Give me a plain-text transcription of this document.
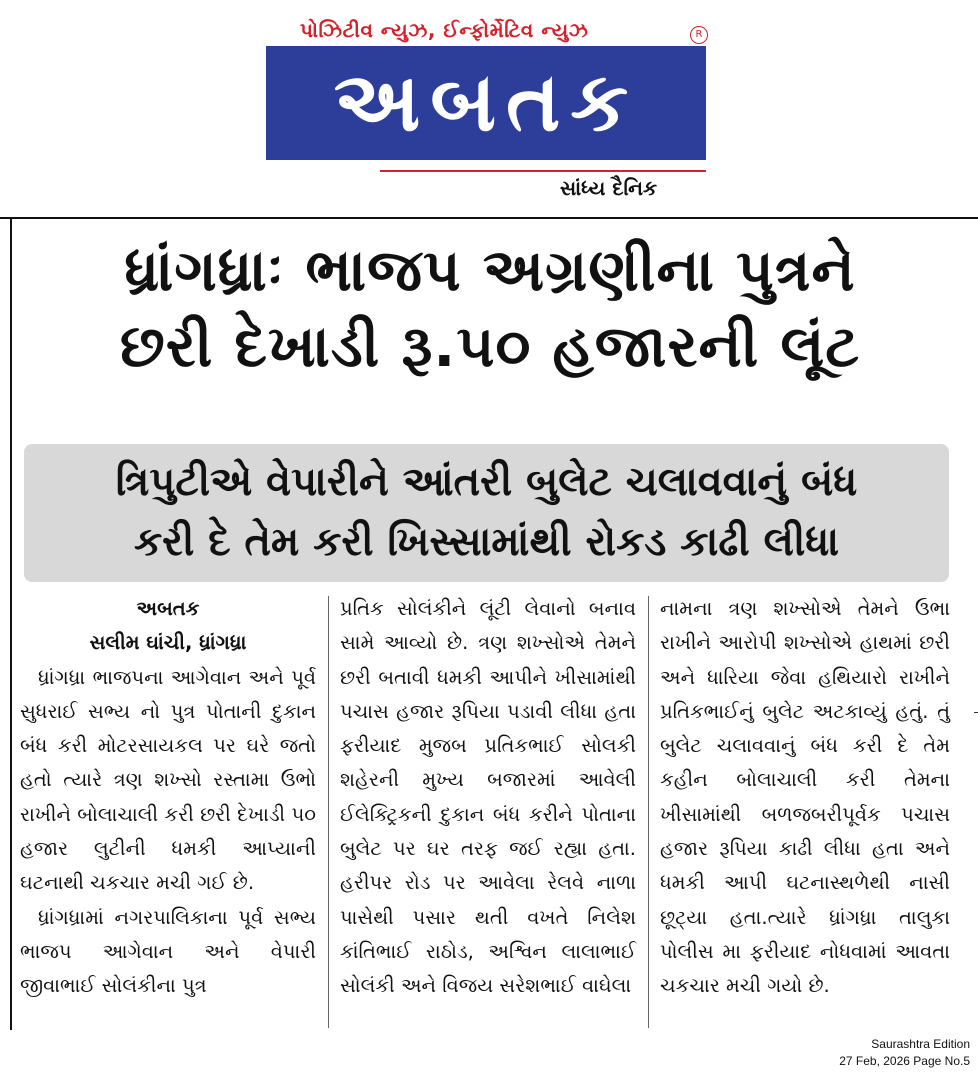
પોઝિટીવ ન્યુઝ, ઈન્ફોર્મેટિવ ન્યુઝ	R
અબતક
સાંધ્ય દૈનિક
ધ્રાંગધ્રાઃ ભાજપ અગ્રણીના પુત્રને
છરી દેખાડી રૂ.૫૦ હજારની લૂંટ
ત્રિપુટીએ વેપારીને આંતરી બુલેટ ચલાવવાનું બંધ
કરી દે તેમ કરી ખિસ્સામાંથી રોકડ કાઢી લીધા

અબતક

સલીમ ઘાંચી, ધ્રાંગધ્રા

ધ્રાંગધ્રા ભાજપના આગેવાન અને પૂર્વ સુધરાઈ સભ્ય નો પુત્ર પોતાની દુકાન બંધ કરી મોટરસાયકલ પર ઘરે જતો હતો ત્યારે ત્રણ શખ્સો રસ્તામા ઉભો રાખીને બોલાચાલી કરી છરી દેખાડી ૫૦ હજાર લુટીની ધમકી આપ્યાની ઘટનાથી ચકચાર મચી ગઈ છે.

ધ્રાંગધ્રામાં નગરપાલિકાના પૂર્વ સભ્ય ભાજપ આગેવાન અને વેપારી જીવાભાઈ સોલંકીના પુત્ર

પ્રતિક સોલંકીને લૂંટી લેવાનો બનાવ સામે આવ્યો છે. ત્રણ શખ્સોએ તેમને છરી બતાવી ધમકી આપીને ખીસામાંથી પચાસ હજાર રૂપિયા પડાવી લીધા હતા ફરીયાદ મુજબ પ્રતિકભાઈ સોલકી શહેરની મુખ્ય બજારમાં આવેલી ઈલેક્ટ્રિકની દુકાન બંધ કરીને પોતાના બુલેટ પર ઘર તરફ જઈ રહ્યા હતા. હરીપર રોડ પર આવેલા રેલવે નાળા પાસેથી પસાર થતી વખતે નિલેશ કાંતિભાઈ રાઠોડ, અશ્વિન લાલાભાઈ સોલંકી અને વિજય સરેશભાઈ વાઘેલા

નામના ત્રણ શખ્સોએ તેમને ઉભા રાખીને આરોપી શખ્સોએ હાથમાં છરી અને ધારિયા જેવા હથિયારો રાખીને પ્રતિકભાઈનું બુલેટ અટકાવ્યું હતું. તું બુલેટ ચલાવવાનું બંધ કરી દે તેમ કહીન બોલાચાલી કરી તેમના ખીસામાંથી બળજબરીપૂર્વક પચાસ હજાર રૂપિયા કાઢી લીધા હતા અને ધમકી આપી ઘટનાસ્થળેથી નાસી છૂટ્યા હતા.ત્યારે ધ્રાંગધ્રા તાલુકા પોલીસ મા ફરીયાદ નોધવામાં આવતા ચકચાર મચી ગયો છે.

Saurashtra Edition
27 Feb, 2026 Page No.5
